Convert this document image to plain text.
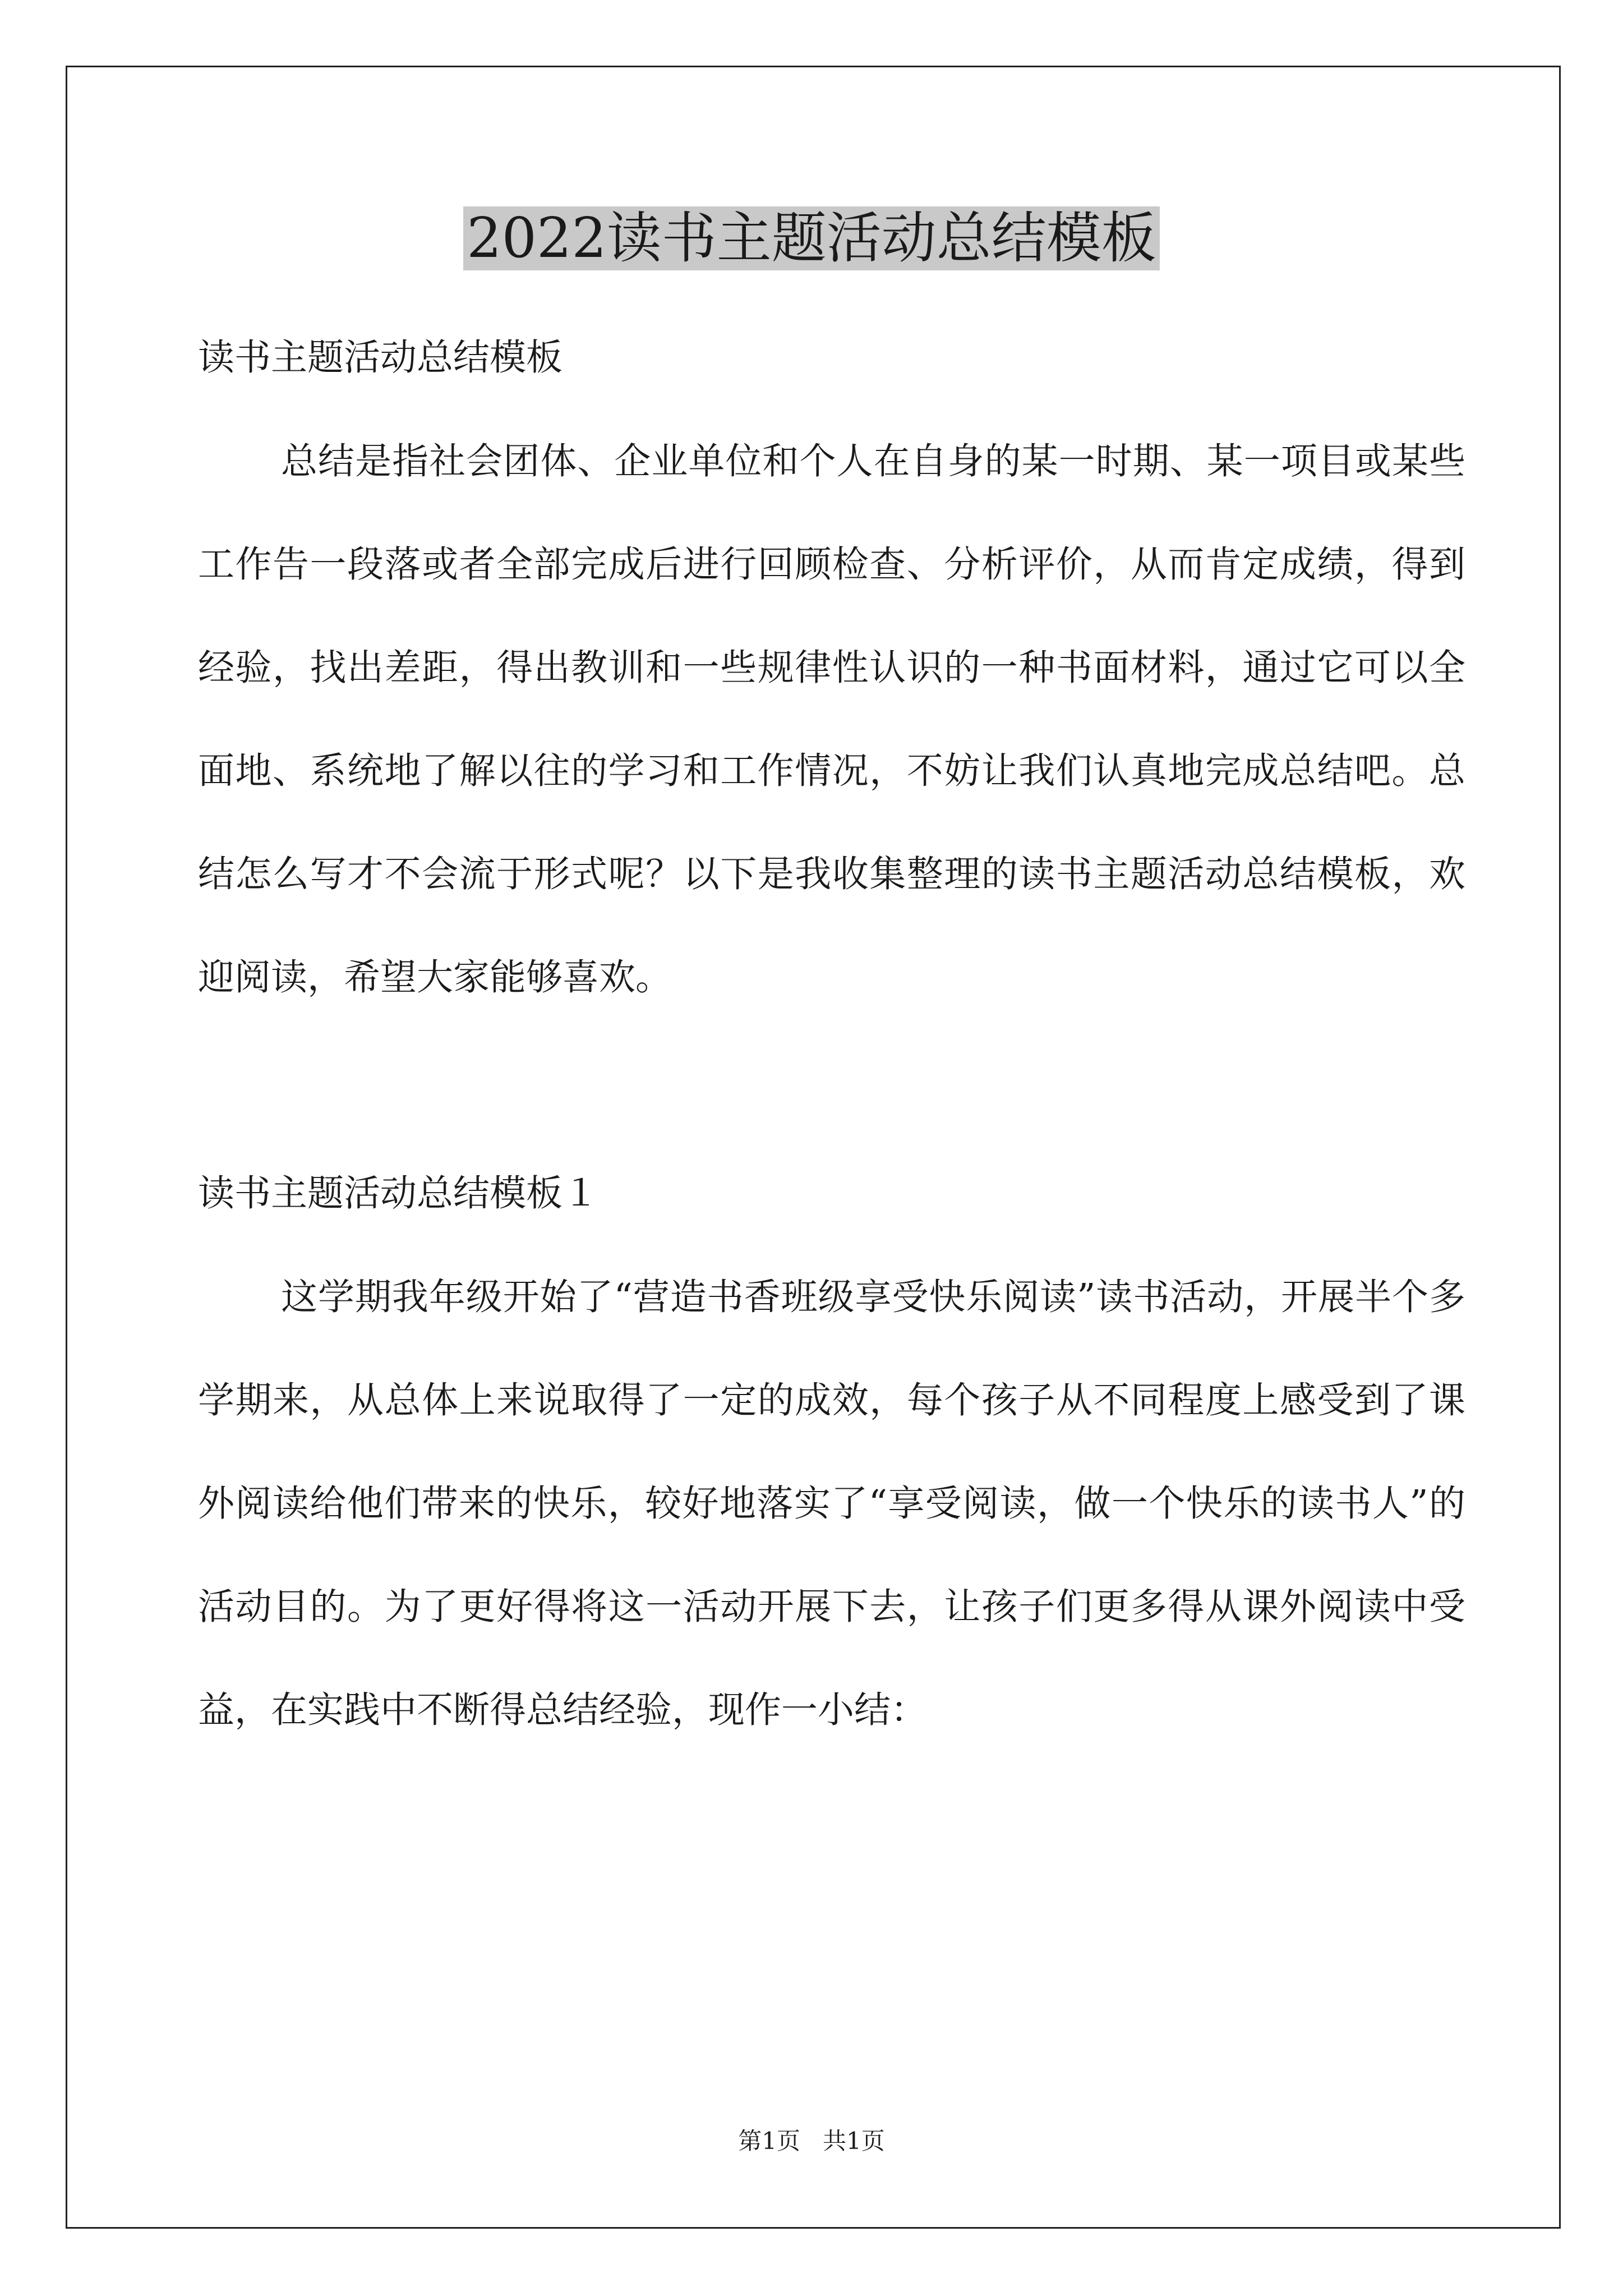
2022读书主题活动总结模板
读书主题活动总结模板

总结是指社会团体、企业单位和个人在自身的某一时期、某一项目或某些工作告一段落或者全部完成后进行回顾检查、分析评价，从而肯定成绩，得到经验，找出差距，得出教训和一些规律性认识的一种书面材料，通过它可以全面地、系统地了解以往的学习和工作情况，不妨让我们认真地完成总结吧。总结怎么写才不会流于形式呢？以下是我收集整理的读书主题活动总结模板，欢迎阅读，希望大家能够喜欢。

读书主题活动总结模板１

这学期我年级开始了“营造书香班级享受快乐阅读”读书活动，开展半个多学期来，从总体上来说取得了一定的成效，每个孩子从不同程度上感受到了课外阅读给他们带来的快乐，较好地落实了“享受阅读，做一个快乐的读书人”的活动目的。为了更好得将这一活动开展下去，让孩子们更多得从课外阅读中受益，在实践中不断得总结经验，现作一小结：

第1页   共1页
